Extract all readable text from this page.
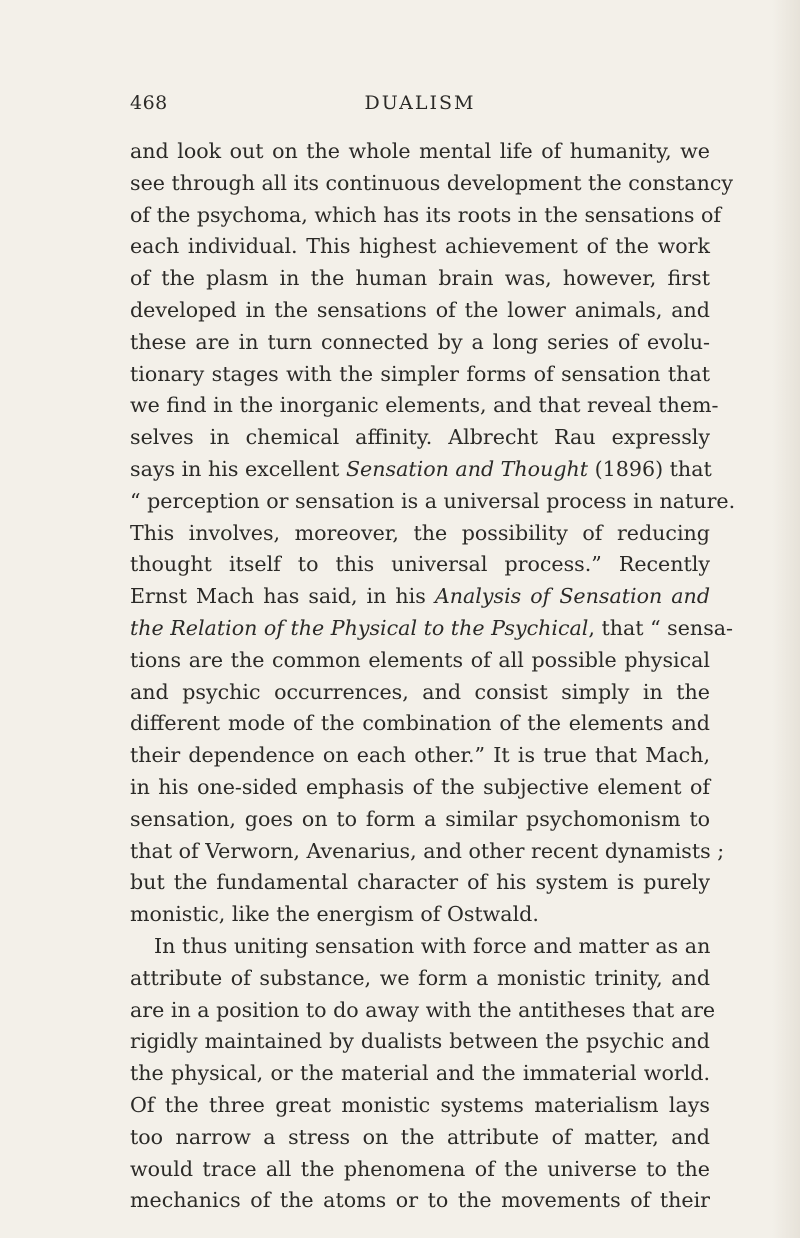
468	DUALISM
and look out on the whole mental life of humanity, we
see through all its continuous development the constancy
of the psychoma, which has its roots in the sensations of
each individual. This highest achievement of the work
of the plasm in the human brain was, however, first
developed in the sensations of the lower animals, and
these are in turn connected by a long series of evolu-
tionary stages with the simpler forms of sensation that
we find in the inorganic elements, and that reveal them-
selves in chemical affinity. Albrecht Rau expressly
says in his excellent Sensation and Thought (1896) that
“ perception or sensation is a universal process in nature.
This involves, moreover, the possibility of reducing
thought itself to this universal process.” Recently
Ernst Mach has said, in his Analysis of Sensation and
the Relation of the Physical to the Psychical, that “ sensa-
tions are the common elements of all possible physical
and psychic occurrences, and consist simply in the
different mode of the combination of the elements and
their dependence on each other.” It is true that Mach,
in his one-sided emphasis of the subjective element of
sensation, goes on to form a similar psychomonism to
that of Verworn, Avenarius, and other recent dynamists ;
but the fundamental character of his system is purely
monistic, like the energism of Ostwald.
In thus uniting sensation with force and matter as an
attribute of substance, we form a monistic trinity, and
are in a position to do away with the antitheses that are
rigidly maintained by dualists between the psychic and
the physical, or the material and the immaterial world.
Of the three great monistic systems materialism lays
too narrow a stress on the attribute of matter, and
would trace all the phenomena of the universe to the
mechanics of the atoms or to the movements of their
